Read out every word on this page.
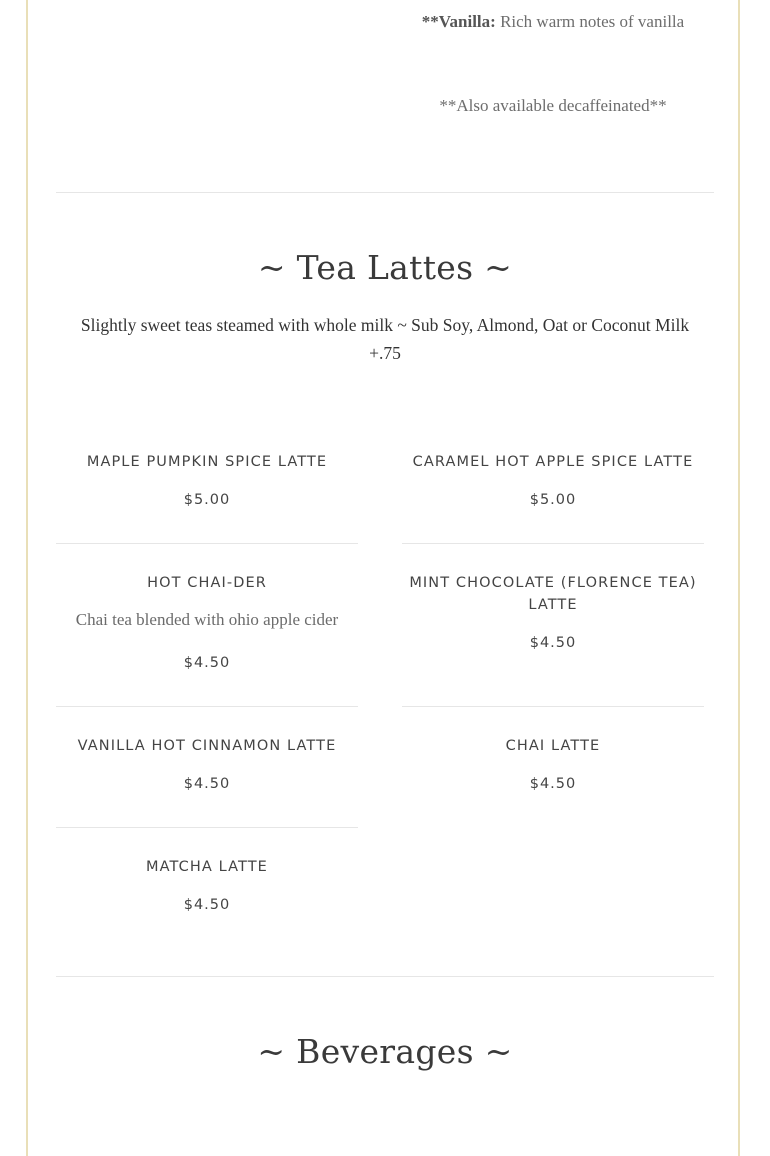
**Vanilla: Rich warm notes of vanilla
**Also available decaffeinated**
~ Tea Lattes ~
Slightly sweet teas steamed with whole milk ~ Sub Soy, Almond, Oat or Coconut Milk
+.75
MAPLE PUMPKIN SPICE LATTE
$5.00
CARAMEL HOT APPLE SPICE LATTE
$5.00
HOT CHAI-DER
Chai tea blended with ohio apple cider
$4.50
MINT CHOCOLATE (FLORENCE TEA)
LATTE
$4.50
VANILLA HOT CINNAMON LATTE
$4.50
CHAI LATTE
$4.50
MATCHA LATTE
$4.50
~ Beverages ~
